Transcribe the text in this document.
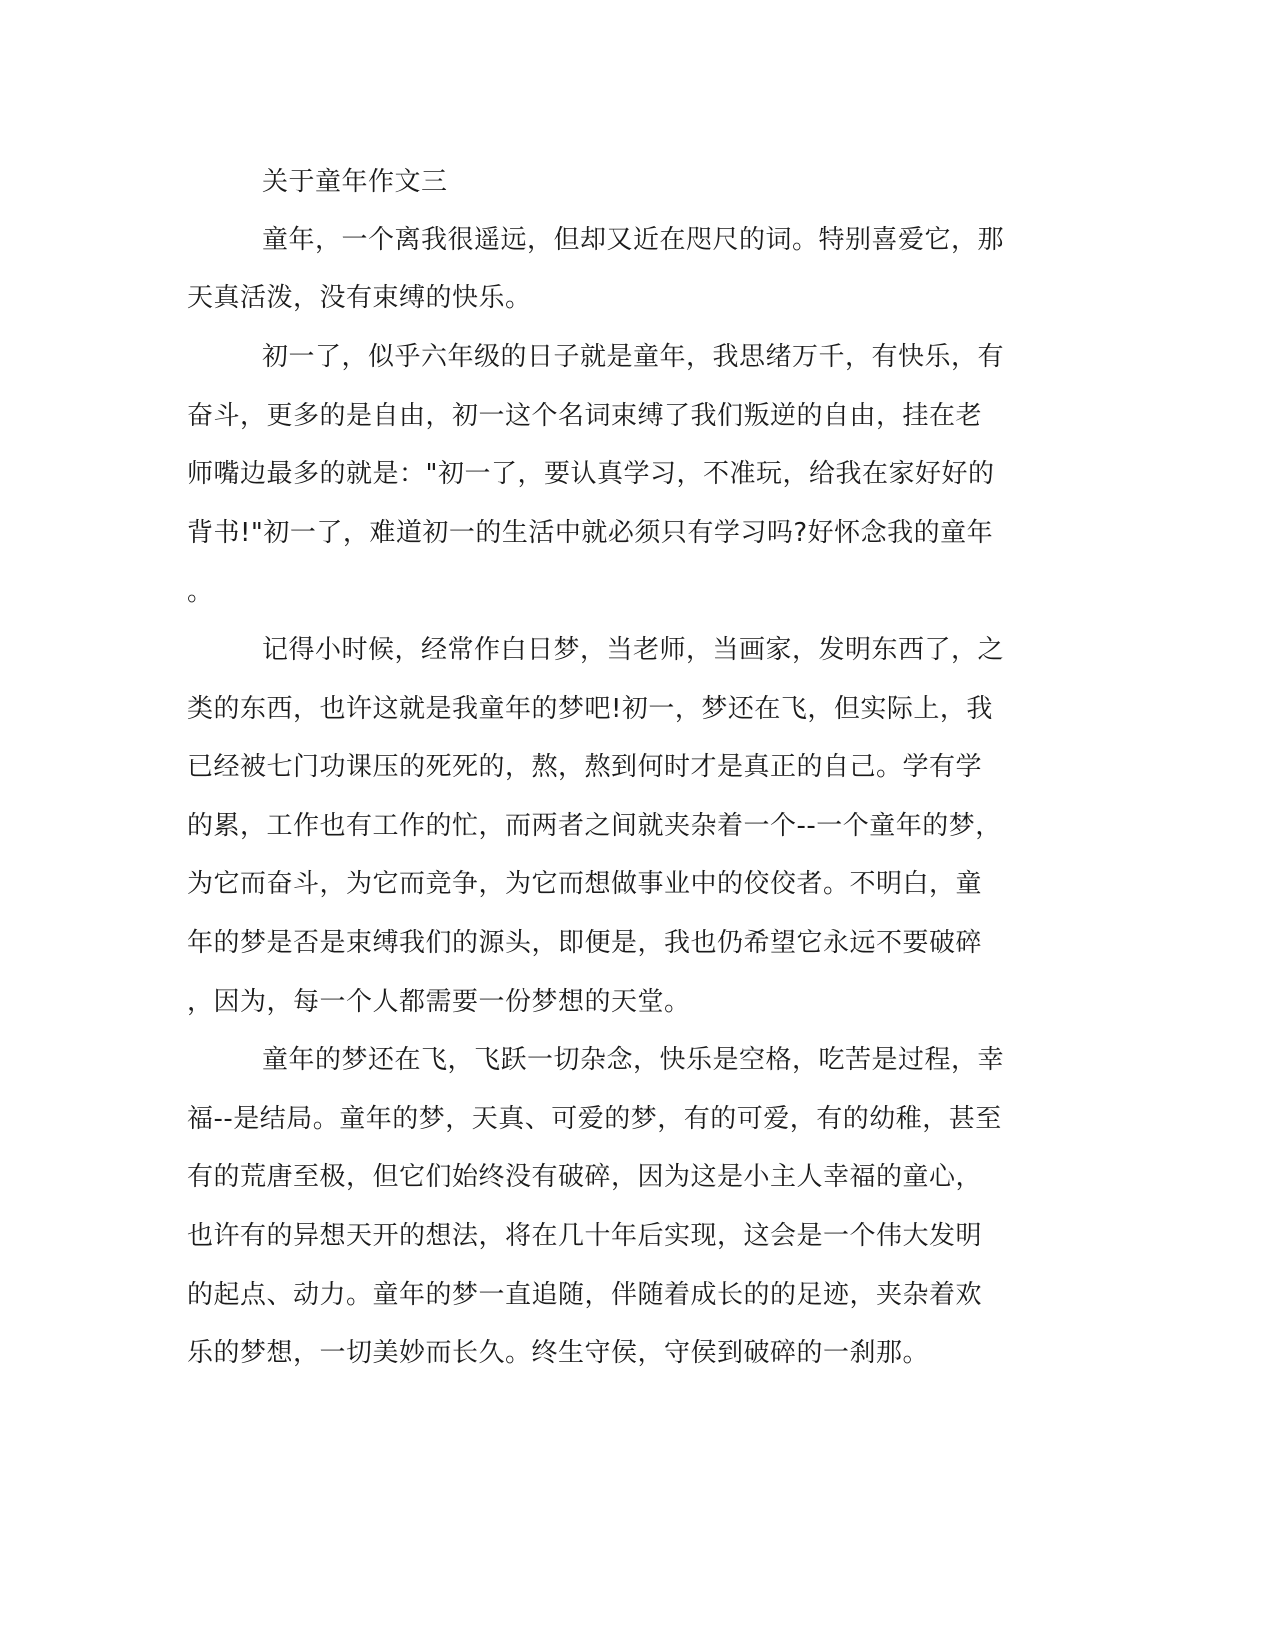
关于童年作文三
童年，一个离我很遥远，但却又近在咫尺的词。特别喜爱它，那
天真活泼，没有束缚的快乐。
初一了，似乎六年级的日子就是童年，我思绪万千，有快乐，有
奋斗，更多的是自由，初一这个名词束缚了我们叛逆的自由，挂在老
师嘴边最多的就是："初一了，要认真学习，不准玩，给我在家好好的
背书!"初一了，难道初一的生活中就必须只有学习吗?好怀念我的童年
。
记得小时候，经常作白日梦，当老师，当画家，发明东西了，之
类的东西，也许这就是我童年的梦吧!初一，梦还在飞，但实际上，我
已经被七门功课压的死死的，熬，熬到何时才是真正的自己。学有学
的累，工作也有工作的忙，而两者之间就夹杂着一个--一个童年的梦，
为它而奋斗，为它而竞争，为它而想做事业中的佼佼者。不明白，童
年的梦是否是束缚我们的源头，即便是，我也仍希望它永远不要破碎
，因为，每一个人都需要一份梦想的天堂。
童年的梦还在飞，飞跃一切杂念，快乐是空格，吃苦是过程，幸
福--是结局。童年的梦，天真、可爱的梦，有的可爱，有的幼稚，甚至
有的荒唐至极，但它们始终没有破碎，因为这是小主人幸福的童心，
也许有的异想天开的想法，将在几十年后实现，这会是一个伟大发明
的起点、动力。童年的梦一直追随，伴随着成长的的足迹，夹杂着欢
乐的梦想，一切美妙而长久。终生守侯，守侯到破碎的一刹那。
